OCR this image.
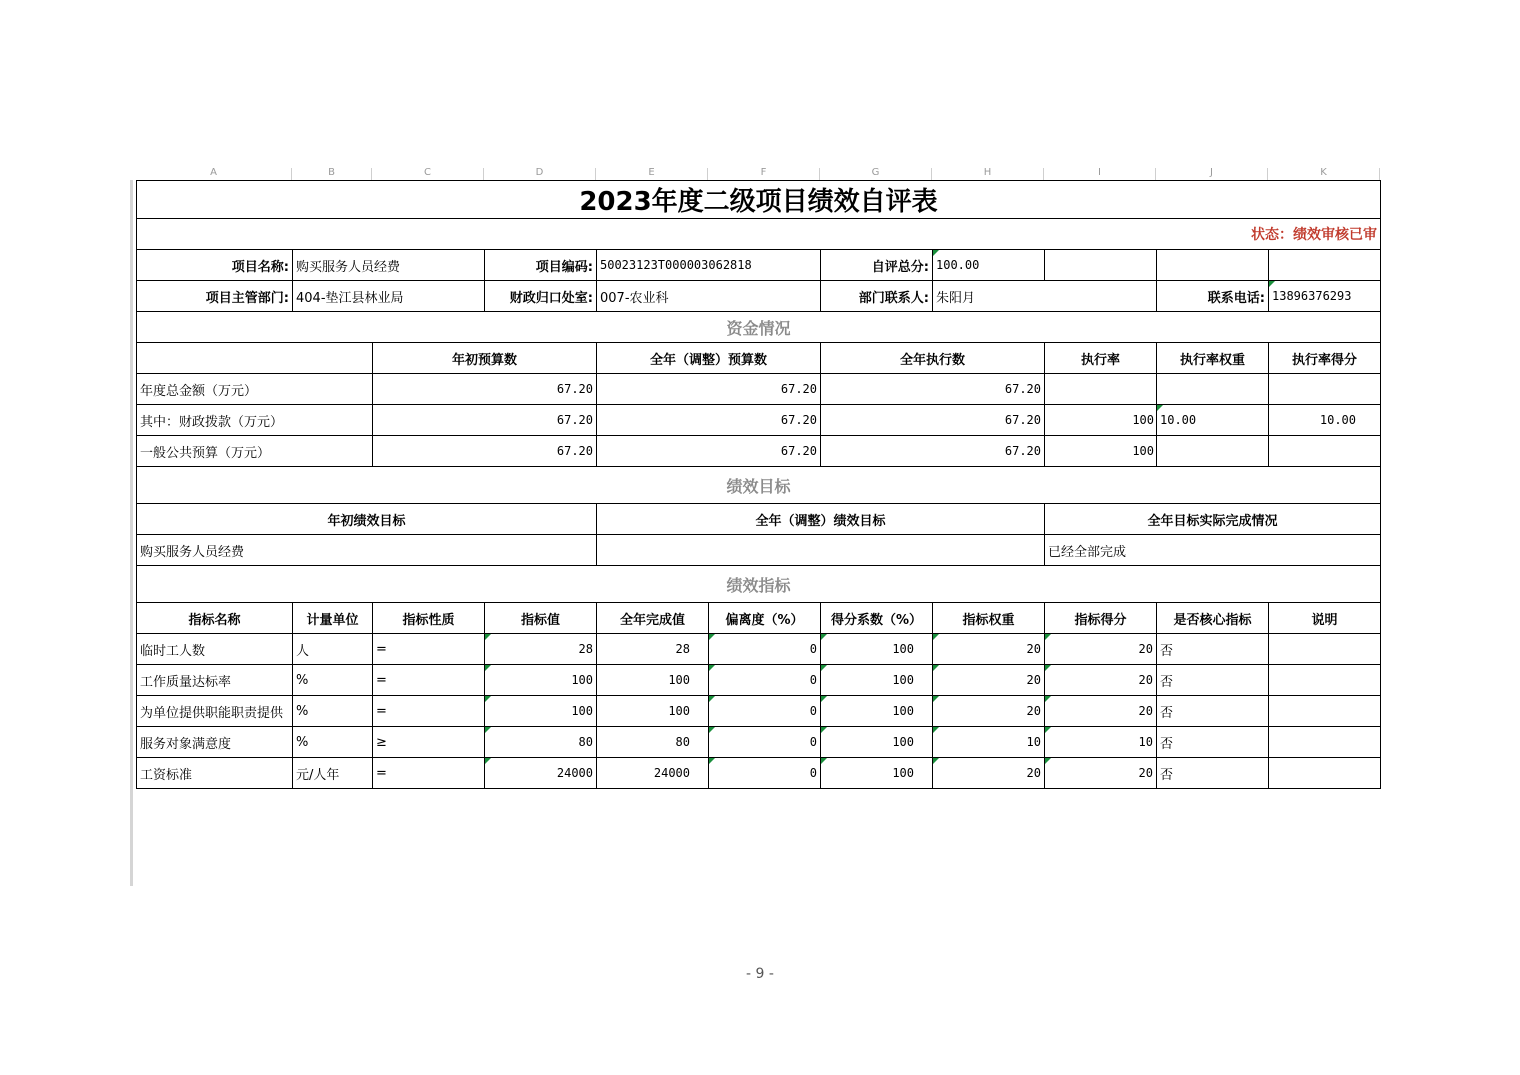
A	B	C	D	E	F	G	H	I	J	K
2023年度二级项目绩效自评表										
状态：绩效审核已审										
项目名称:	购买服务人员经费		项目编码:	50023123T000003062818		自评总分:	100.00			
项目主管部门:	404-垫江县林业局		财政归口处室:	007-农业科		部门联系人:	朱阳月		联系电话:	13896376293
资金情况										
		年初预算数		全年（调整）预算数		全年执行数		执行率	执行率权重	执行率得分
年度总金额（万元）		67.20		67.20		67.20				
其中：财政拨款（万元）		67.20		67.20		67.20		100	10.00	10.00
一般公共预算（万元）		67.20		67.20		67.20		100		
绩效目标										
年初绩效目标				全年（调整）绩效目标				全年目标实际完成情况		
购买服务人员经费								已经全部完成		
绩效指标										
指标名称	计量单位	指标性质	指标值	全年完成值	偏离度（%）	得分系数（%）	指标权重	指标得分	是否核心指标	说明
临时工人数	人	=	28	28	0	100	20	20	否	
工作质量达标率	%	=	100	100	0	100	20	20	否	
为单位提供职能职责提供	%	=	100	100	0	100	20	20	否	
服务对象满意度	%	≥	80	80	0	100	10	10	否	
工资标准	元/人年	=	24000	24000	0	100	20	20	否	
- 9 -
